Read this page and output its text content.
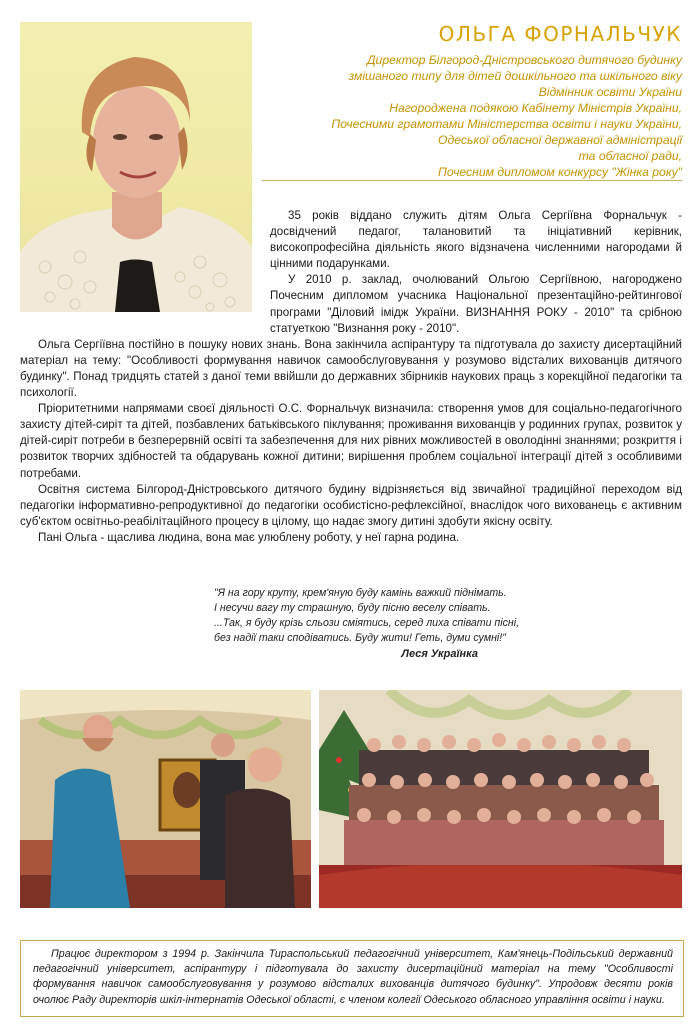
ОЛЬГА ФОРНАЛЬЧУК
Директор Білгород-Дністровського дитячого будинку
змішаного типу для дітей дошкільного та шкільного віку
Відмінник освіти України
Нагороджена подякою Кабінету Міністрів України,
Почесними грамотами Міністерства освіти і науки України,
Одеської обласної державної адміністрації
та обласної ради,
Почесним дипломом конкурсу "Жінка року"

35 років віддано служить дітям Ольга Сергіївна Форнальчук - досвідчений педагог, талановитий та ініціативний керівник, високопрофесійна діяльність якого відзначена численними нагородами й цінними подарунками.

У 2010 р. заклад, очолюваний Ольгою Сергіївною, нагороджено Почесним дипломом учасника Національної презентаційно-рейтингової програми "Діловий імідж України. ВИЗНАННЯ РОКУ - 2010" та срібною статуеткою "Визнання року - 2010".

Ольга Сергіївна постійно в пошуку нових знань. Вона закінчила аспірантуру та підготувала до захисту дисертаційний матеріал на тему: "Особливості формування навичок самообслуговування у розумово відсталих вихованців дитячого будинку". Понад тридцять статей з даної теми ввійшли до державних збірників наукових праць з корекційної педагогіки та психології.

Пріоритетними напрямами своєї діяльності О.С. Форнальчук визначила: створення умов для соціально-педагогічного захисту дітей-сиріт та дітей, позбавлених батьківського піклування; проживання вихованців у родинних групах, розвиток у дітей-сиріт потреби в безперервній освіті та забезпечення для них рівних можливостей в оволодінні знаннями; розкриття і розвиток творчих здібностей та обдарувань кожної дитини; вирішення проблем соціальної інтеграції дітей з особливими потребами.

Освітня система Білгород-Дністровського дитячого будину відрізняється від звичайної традиційної переходом від педагогіки інформативно-репродуктивної до педагогіки особистісно-рефлексійної, внаслідок чого вихованець є активним суб'єктом освітньо-реабілітаційного процесу в цілому, що надає змогу дитині здобути якісну освіту.

Пані Ольга - щаслива людина, вона має улюблену роботу, у неї гарна родина.

"Я на гору круту, крем'яную буду камінь важкий піднімать.
І несучи вагу ту страшную, буду пісню веселу співать.
...Так, я буду крізь сльози сміятись, серед лиха співати пісні,
без надії таки сподіватись. Буду жити! Геть, думи сумні!"
Леся Українка

Працює директором з 1994 р. Закінчила Тираспольський педагогічний університет, Кам'янець-Подільський державний педагогічний університет, аспірантуру і підготувала до захисту дисертаційний матеріал на тему "Особливості формування навичок самообслуговування у розумово відсталих вихованців дитячого будинку". Упродовж десяти років очолює Раду директорів шкіл-інтернатів Одеської області, є членом колегії Одеського обласного управління освіти і науки.
